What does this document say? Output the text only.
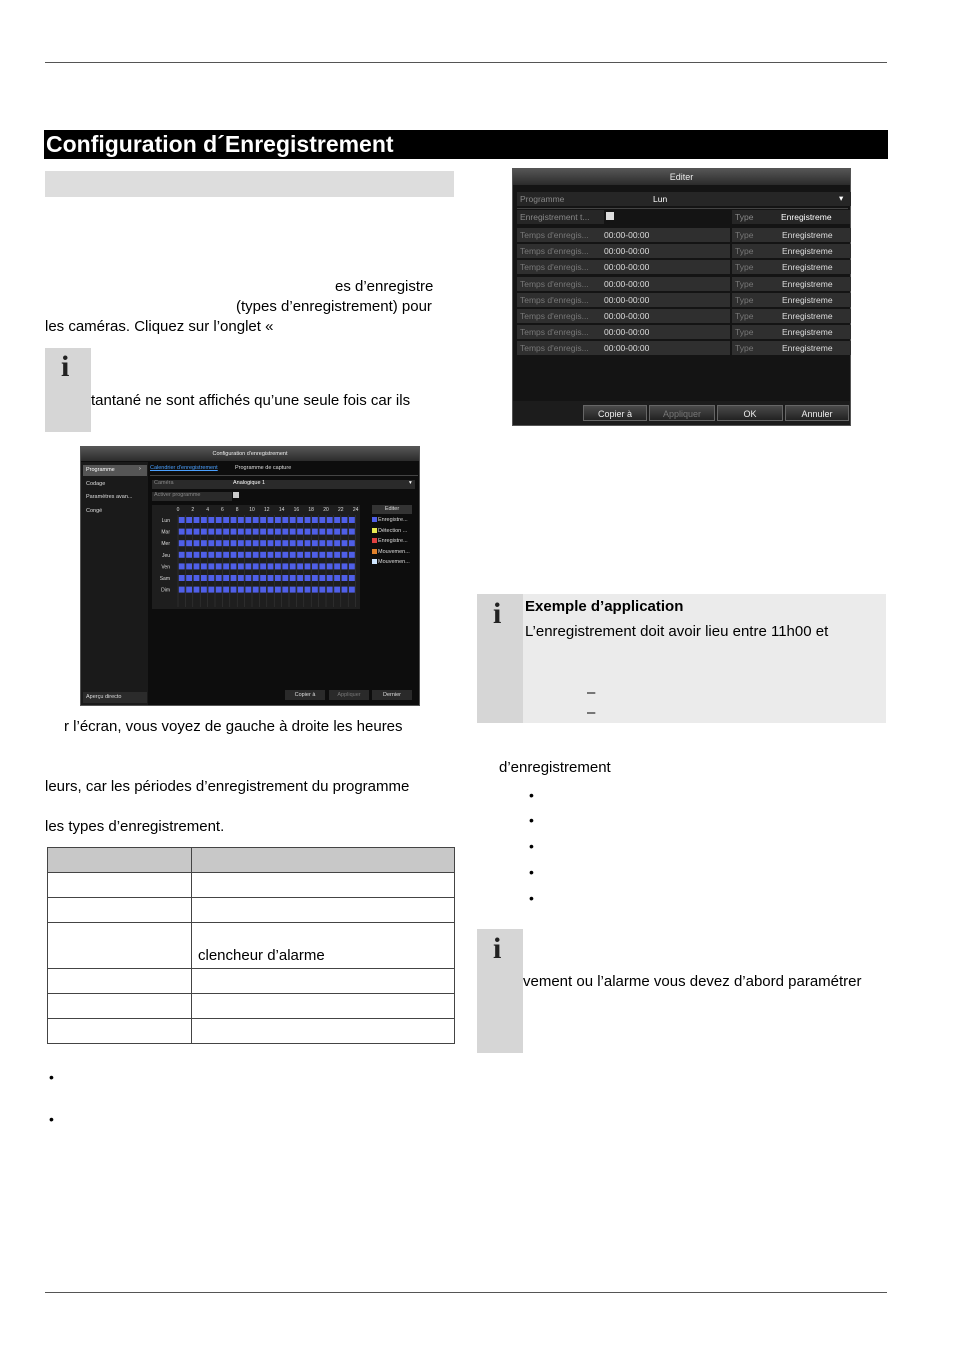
Configuration d´Enregistrement
es d’enregistre
(types d’enregistrement) pour
les caméras. Cliquez sur l’onglet «
i
tantané ne sont affichés qu’une seule fois car ils
Configuration d'enregistrement
Programme	›
Codage
Paramètres avan...
Congé
Aperçu directo
Calendrier d'enregistrement	Programme de capture
Caméra	Analogique 1	▾
Activer programme
Editer
Enregistre...
Détection ...
Enregistre...
Mouvemen...
Mouvemen...
Copier à	Appliquer	Dernier
0 2 4 6 8 10 12 14 16 18 20 22 24
Lun
Mar
Mer
Jeu
Ven
Sam
Dim
r l’écran, vous voyez de gauche à droite les heures
leurs, car les périodes d’enregistrement du programme
les types d’enregistrement.

	clencheur d’alarme

•
•
Editer
Programme	Lun	▾
Enregistrement t...	Type	Enregistreme
Temps d'enregis...	00:00-00:00	Type	Enregistreme
Temps d'enregis...	00:00-00:00	Type	Enregistreme
Temps d'enregis...	00:00-00:00	Type	Enregistreme
Temps d'enregis...	00:00-00:00	Type	Enregistreme
Temps d'enregis...	00:00-00:00	Type	Enregistreme
Temps d'enregis...	00:00-00:00	Type	Enregistreme
Temps d'enregis...	00:00-00:00	Type	Enregistreme
Temps d'enregis...	00:00-00:00	Type	Enregistreme
Copier à	Appliquer	OK	Annuler
i Exemple d’application
L’enregistrement doit avoir lieu entre 11h00 et
–
–
d’enregistrement
•
•
•
•
•
i
vement ou l’alarme vous devez d’abord paramétrer
